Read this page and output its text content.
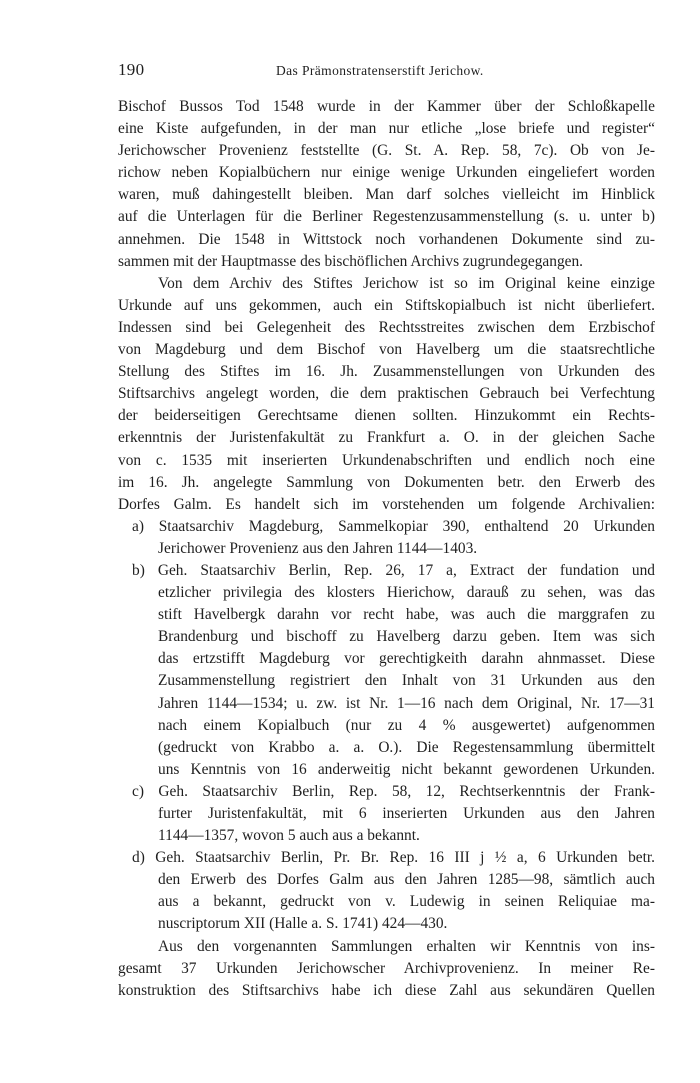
190	Das Prämonstratenserstift Jerichow.
Bischof Bussos Tod 1548 wurde in der Kammer über der Schloßkapelle
eine Kiste aufgefunden, in der man nur etliche „lose briefe und register“
Jerichowscher Provenienz feststellte (G. St. A. Rep. 58, 7c). Ob von Je-
richow neben Kopialbüchern nur einige wenige Urkunden eingeliefert worden
waren, muß dahingestellt bleiben. Man darf solches vielleicht im Hinblick
auf die Unterlagen für die Berliner Regestenzusammenstellung (s. u. unter b)
annehmen. Die 1548 in Wittstock noch vorhandenen Dokumente sind zu-
sammen mit der Hauptmasse des bischöflichen Archivs zugrundegegangen.
Von dem Archiv des Stiftes Jerichow ist so im Original keine einzige
Urkunde auf uns gekommen, auch ein Stiftskopialbuch ist nicht überliefert.
Indessen sind bei Gelegenheit des Rechtsstreites zwischen dem Erzbischof
von Magdeburg und dem Bischof von Havelberg um die staatsrechtliche
Stellung des Stiftes im 16. Jh. Zusammenstellungen von Urkunden des
Stiftsarchivs angelegt worden, die dem praktischen Gebrauch bei Verfechtung
der beiderseitigen Gerechtsame dienen sollten. Hinzukommt ein Rechts-
erkenntnis der Juristenfakultät zu Frankfurt a. O. in der gleichen Sache
von c. 1535 mit inserierten Urkundenabschriften und endlich noch eine
im 16. Jh. angelegte Sammlung von Dokumenten betr. den Erwerb des
Dorfes Galm. Es handelt sich im vorstehenden um folgende Archivalien:
a) Staatsarchiv Magdeburg, Sammelkopiar 390, enthaltend 20 Urkunden
Jerichower Provenienz aus den Jahren 1144—1403.
b) Geh. Staatsarchiv Berlin, Rep. 26, 17 a, Extract der fundation und
etzlicher privilegia des klosters Hierichow, darauß zu sehen, was das
stift Havelbergk darahn vor recht habe, was auch die marggrafen zu
Brandenburg und bischoff zu Havelberg darzu geben. Item was sich
das ertzstifft Magdeburg vor gerechtigkeith darahn ahnmasset. Diese
Zusammenstellung registriert den Inhalt von 31 Urkunden aus den
Jahren 1144—1534; u. zw. ist Nr. 1—16 nach dem Original, Nr. 17—31
nach einem Kopialbuch (nur zu 4 % ausgewertet) aufgenommen
(gedruckt von Krabbo a. a. O.). Die Regestensammlung übermittelt
uns Kenntnis von 16 anderweitig nicht bekannt gewordenen Urkunden.
c) Geh. Staatsarchiv Berlin, Rep. 58, 12, Rechtserkenntnis der Frank-
furter Juristenfakultät, mit 6 inserierten Urkunden aus den Jahren
1144—1357, wovon 5 auch aus a bekannt.
d) Geh. Staatsarchiv Berlin, Pr. Br. Rep. 16 III j ½ a, 6 Urkunden betr.
den Erwerb des Dorfes Galm aus den Jahren 1285—98, sämtlich auch
aus a bekannt, gedruckt von v. Ludewig in seinen Reliquiae ma-
nuscriptorum XII (Halle a. S. 1741) 424—430.
Aus den vorgenannten Sammlungen erhalten wir Kenntnis von ins-
gesamt 37 Urkunden Jerichowscher Archivprovenienz. In meiner Re-
konstruktion des Stiftsarchivs habe ich diese Zahl aus sekundären Quellen
